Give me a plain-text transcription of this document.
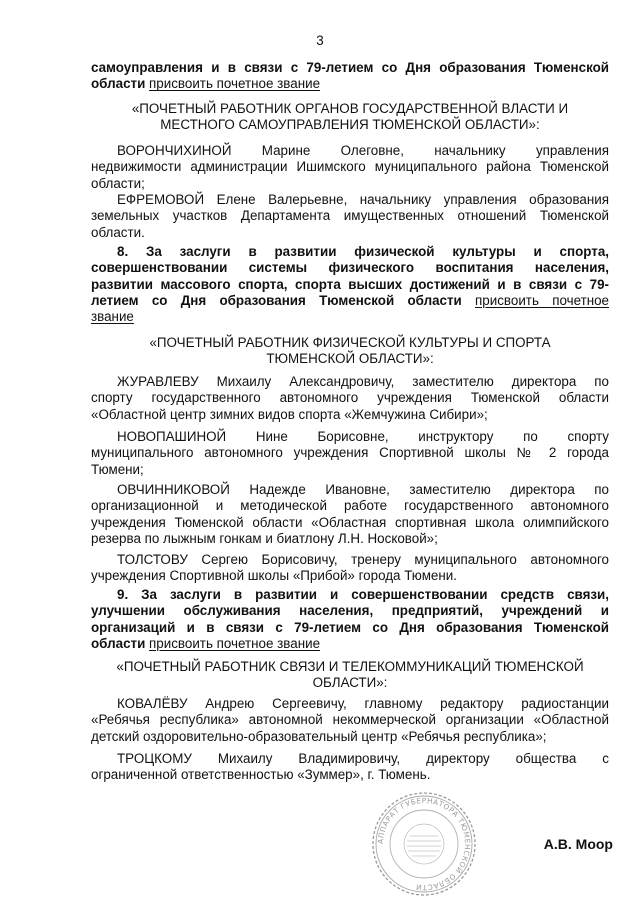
3
самоуправления и в связи с 79-летием со Дня образования Тюменской
области присвоить почетное звание
«ПОЧЕТНЫЙ РАБОТНИК ОРГАНОВ ГОСУДАРСТВЕННОЙ ВЛАСТИ И
МЕСТНОГО САМОУПРАВЛЕНИЯ ТЮМЕНСКОЙ ОБЛАСТИ»:
ВОРОНЧИХИНОЙ Марине Олеговне, начальнику управления
недвижимости администрации Ишимского муниципального района Тюменской
области;
ЕФРЕМОВОЙ Елене Валерьевне, начальнику управления образования
земельных участков Департамента имущественных отношений Тюменской
области.
8. За заслуги в развитии физической культуры и спорта,
совершенствовании системы физического воспитания населения,
развитии массового спорта, спорта высших достижений и в связи с 79-
летием со Дня образования Тюменской области присвоить почетное
звание
«ПОЧЕТНЫЙ РАБОТНИК ФИЗИЧЕСКОЙ КУЛЬТУРЫ И СПОРТА
ТЮМЕНСКОЙ ОБЛАСТИ»:
ЖУРАВЛЕВУ Михаилу Александровичу, заместителю директора по
спорту государственного автономного учреждения Тюменской области
«Областной центр зимних видов спорта «Жемчужина Сибири»;
НОВОПАШИНОЙ Нине Борисовне, инструктору по спорту
муниципального автономного учреждения Спортивной школы № 2 города
Тюмени;
ОВЧИННИКОВОЙ Надежде Ивановне, заместителю директора по
организационной и методической работе государственного автономного
учреждения Тюменской области «Областная спортивная школа олимпийского
резерва по лыжным гонкам и биатлону Л.Н. Носковой»;
ТОЛСТОВУ Сергею Борисовичу, тренеру муниципального автономного
учреждения Спортивной школы «Прибой» города Тюмени.
9. За заслуги в развитии и совершенствовании средств связи,
улучшении обслуживания населения, предприятий, учреждений и
организаций и в связи с 79-летием со Дня образования Тюменской
области присвоить почетное звание
«ПОЧЕТНЫЙ РАБОТНИК СВЯЗИ И ТЕЛЕКОММУНИКАЦИЙ ТЮМЕНСКОЙ
ОБЛАСТИ»:
КОВАЛЁВУ Андрею Сергеевичу, главному редактору радиостанции
«Ребячья республика» автономной некоммерческой организации «Областной
детский оздоровительно-образовательный центр «Ребячья республика»;
ТРОЦКОМУ Михаилу Владимировичу, директору общества с
ограниченной ответственностью «Зуммер», г. Тюмень.
АППАРАТ ГУБЕРНАТОРА ТЮМЕНСКОЙ ОБЛАСТИ
А.В. Моор
